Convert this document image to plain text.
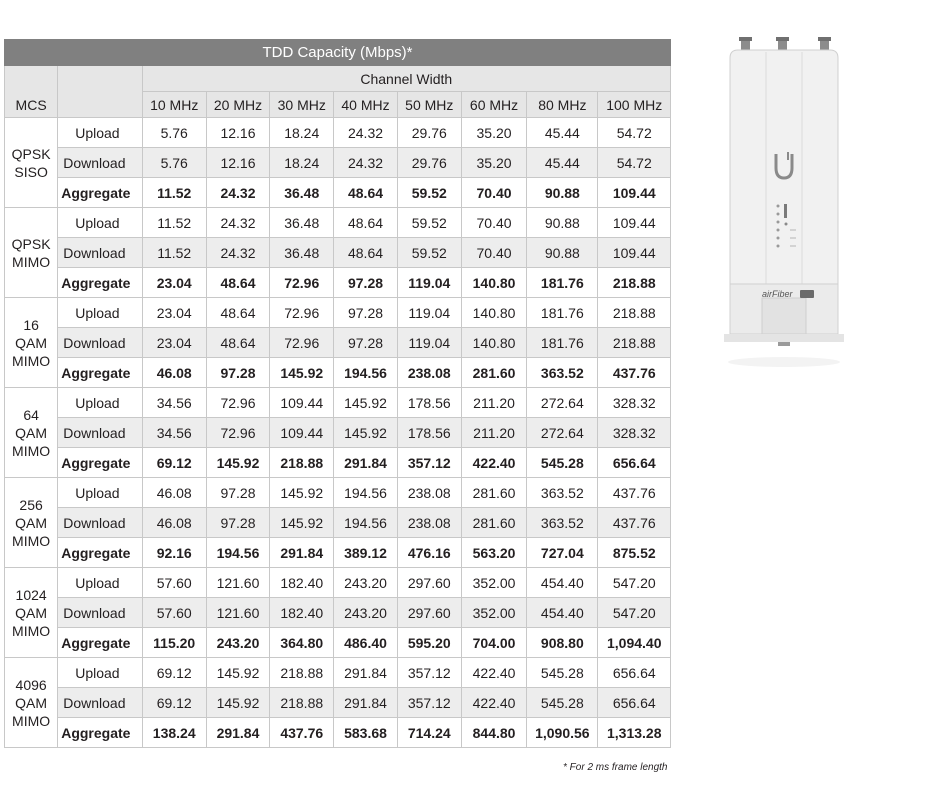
TDD Capacity (Mbps)*									
MCS		Channel Width							
		10 MHz	20 MHz	30 MHz	40 MHz	50 MHz	60 MHz	80 MHz	100 MHz

QPSK
SISO	Upload	5.76	12.16	18.24	24.32	29.76	35.20	45.44	54.72

	Download	5.76	12.16	18.24	24.32	29.76	35.20	45.44	54.72

	Aggregate	11.52	24.32	36.48	48.64	59.52	70.40	90.88	109.44

QPSK
MIMO	Upload	11.52	24.32	36.48	48.64	59.52	70.40	90.88	109.44

	Download	11.52	24.32	36.48	48.64	59.52	70.40	90.88	109.44

	Aggregate	23.04	48.64	72.96	97.28	119.04	140.80	181.76	218.88

16
QAM
MIMO	Upload	23.04	48.64	72.96	97.28	119.04	140.80	181.76	218.88

	Download	23.04	48.64	72.96	97.28	119.04	140.80	181.76	218.88

	Aggregate	46.08	97.28	145.92	194.56	238.08	281.60	363.52	437.76

64
QAM
MIMO	Upload	34.56	72.96	109.44	145.92	178.56	211.20	272.64	328.32

	Download	34.56	72.96	109.44	145.92	178.56	211.20	272.64	328.32

	Aggregate	69.12	145.92	218.88	291.84	357.12	422.40	545.28	656.64

256
QAM
MIMO	Upload	46.08	97.28	145.92	194.56	238.08	281.60	363.52	437.76

	Download	46.08	97.28	145.92	194.56	238.08	281.60	363.52	437.76

	Aggregate	92.16	194.56	291.84	389.12	476.16	563.20	727.04	875.52

1024
QAM
MIMO	Upload	57.60	121.60	182.40	243.20	297.60	352.00	454.40	547.20

	Download	57.60	121.60	182.40	243.20	297.60	352.00	454.40	547.20

	Aggregate	115.20	243.20	364.80	486.40	595.20	704.00	908.80	1,094.40

4096
QAM
MIMO	Upload	69.12	145.92	218.88	291.84	357.12	422.40	545.28	656.64

	Download	69.12	145.92	218.88	291.84	357.12	422.40	545.28	656.64

	Aggregate	138.24	291.84	437.76	583.68	714.24	844.80	1,090.56	1,313.28
* For 2 ms frame length
airFiber
